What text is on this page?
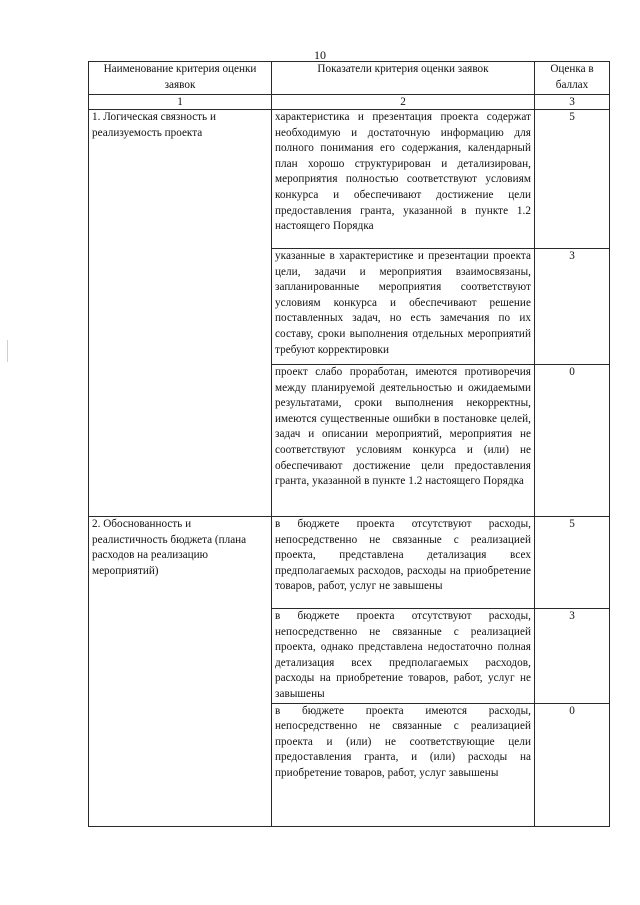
10
Наименование критерия оценки заявок	Показатели критерия оценки заявок	Оценка в баллах
1	2	3
1. Логическая связность и реализуемость проекта	характеристика и презентация проекта содержат необходимую и достаточную информацию для полного понимания его содержания, календарный план хорошо структурирован и детализирован, мероприятия полностью соответствуют условиям конкурса и обеспечивают достижение цели предоставления гранта, указанной в пункте 1.2 настоящего Порядка	5
	указанные в характеристике и презентации проекта цели, задачи и мероприятия взаимосвязаны, запланированные мероприятия соответствуют условиям конкурса и обеспечивают решение поставленных задач, но есть замечания по их составу, сроки выполнения отдельных мероприятий требуют корректировки	3
	проект слабо проработан, имеются противоречия между планируемой деятельностью и ожидаемыми результатами, сроки выполнения некорректны, имеются существенные ошибки в постановке целей, задач и описании мероприятий, мероприятия не соответствуют условиям конкурса и (или) не обеспечивают достижение цели предоставления гранта, указанной в пункте 1.2 настоящего Порядка	0
2. Обоснованность и реалистичность бюджета (плана расходов на реализацию мероприятий)	в бюджете проекта отсутствуют расходы, непосредственно не связанные с реализацией проекта, представлена детализация всех предполагаемых расходов, расходы на приобретение товаров, работ, услуг не завышены	5
	в бюджете проекта отсутствуют расходы, непосредственно не связанные с реализацией проекта, однако представлена недостаточно полная детализация всех предполагаемых расходов, расходы на приобретение товаров, работ, услуг не завышены	3
	в бюджете проекта имеются расходы, непосредственно не связанные с реализацией проекта и (или) не соответствующие цели предоставления гранта, и (или) расходы на приобретение товаров, работ, услуг завышены	0
